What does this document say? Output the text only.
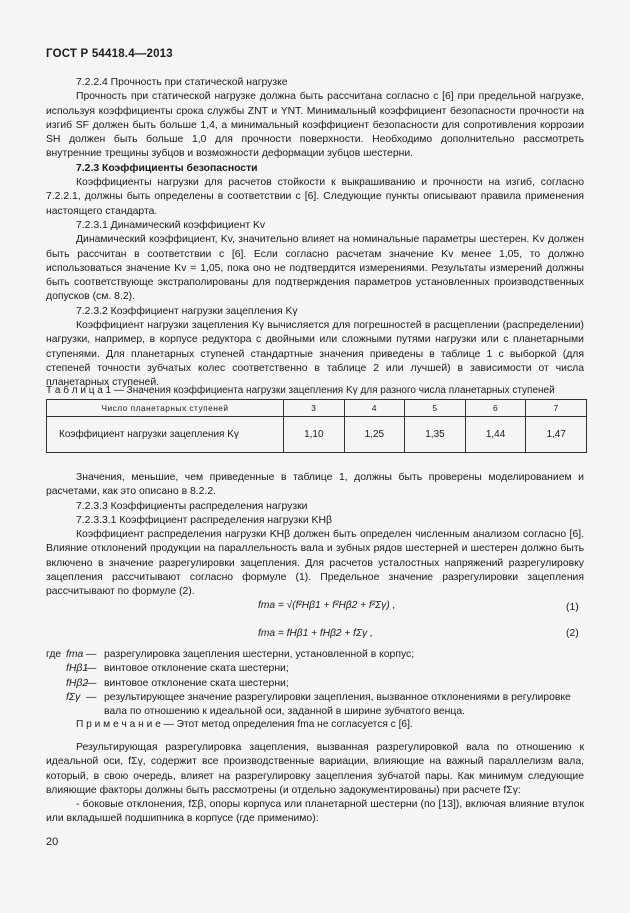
ГОСТ Р 54418.4—2013

7.2.2.4 Прочность при статической нагрузке

Прочность при статической нагрузке должна быть рассчитана согласно с [6] при предельной нагрузке, используя коэффициенты срока службы ZNT и YNT. Минимальный коэффициент безопасности прочности на изгиб SF должен быть больше 1,4, а минимальный коэффициент безопасности для сопротивления коррозии SH должен быть больше 1,0 для прочности поверхности. Необходимо дополнительно рассмотреть внутренние трещины зубцов и возможности деформации зубцов шестерни.

7.2.3 Коэффициенты безопасности

Коэффициенты нагрузки для расчетов стойкости к выкрашиванию и прочности на изгиб, согласно 7.2.2.1, должны быть определены в соответствии с [6]. Следующие пункты описывают правила применения настоящего стандарта.

7.2.3.1 Динамический коэффициент Kv

Динамический коэффициент, Kv, значительно влияет на номинальные параметры шестерен. Kv должен быть рассчитан в соответствии с [6]. Если согласно расчетам значение Kv менее 1,05, то должно использоваться значение Kv = 1,05, пока оно не подтвердится измерениями. Результаты измерений должны быть соответствующе экстраполированы для подтверждения параметров установленных производственных допусков (см. 8.2).

7.2.3.2 Коэффициент нагрузки зацепления Kγ

Коэффициент нагрузки зацепления Kγ вычисляется для погрешностей в расщеплении (распределении) нагрузки, например, в корпусе редуктора с двойными или сложными путями нагрузки или с планетарными ступенями. Для планетарных ступеней стандартные значения приведены в таблице 1 с выборкой (для степеней точности зубчатых колес соответственно в таблице 2 или лучшей) в зависимости от числа планетарных ступеней.

Т а б л и ц а 1 — Значения коэффициента нагрузки зацепления Kγ для разного числа планетарных ступеней
Число планетарных ступеней	3	4	5	6	7
Коэффициент нагрузки зацепления Kγ	1,10	1,25	1,35	1,44	1,47

Значения, меньшие, чем приведенные в таблице 1, должны быть проверены моделированием и расчетами, как это описано в 8.2.2.

7.2.3.3 Коэффициенты распределения нагрузки

7.2.3.3.1 Коэффициент распределения нагрузки KHβ

Коэффициент распределения нагрузки KHβ должен быть определен численным анализом согласно [6]. Влияние отклонений продукции на параллельность вала и зубных рядов шестерней и шестерен должно быть включено в значение разрегулировки зацепления. Для расчетов усталостных напряжений разрегулировку зацепления рассчитывают согласно формуле (1). Предельное значение разрегулировки зацепления рассчитывают по формуле (2).

fma = √(f²Hβ1 + f²Hβ2 + f²Σγ) ,	(1)
fma = fHβ1 + fHβ2 + fΣγ ,	(2)
где fma — разрегулировка зацепления шестерни, установленной в корпус;
fHβ1
— винтовое отклонение ската шестерни;
fHβ2
— винтовое отклонение ската шестерни;
fΣγ — результирующее значение разрегулировки зацепления, вызванное отклонениями в регулировке вала по отношению к идеальной оси, заданной в ширине зубчатого венца.
П р и м е ч а н и е — Этот метод определения fma не согласуется с [6].

Результирующая разрегулировка зацепления, вызванная разрегулировкой вала по отношению к идеальной оси, fΣγ, содержит все производственные вариации, влияющие на важный параллелизм вала, который, в свою очередь, влияет на разрегулировку зацепления зубчатой пары. Как минимум следующие влияющие факторы должны быть рассмотрены (и отдельно задокументированы) при расчете fΣγ:

- боковые отклонения, fΣβ, опоры корпуса или планетарной шестерни (по [13]), включая влияние втулок или вкладышей подшипника в корпусе (где применимо):

20
